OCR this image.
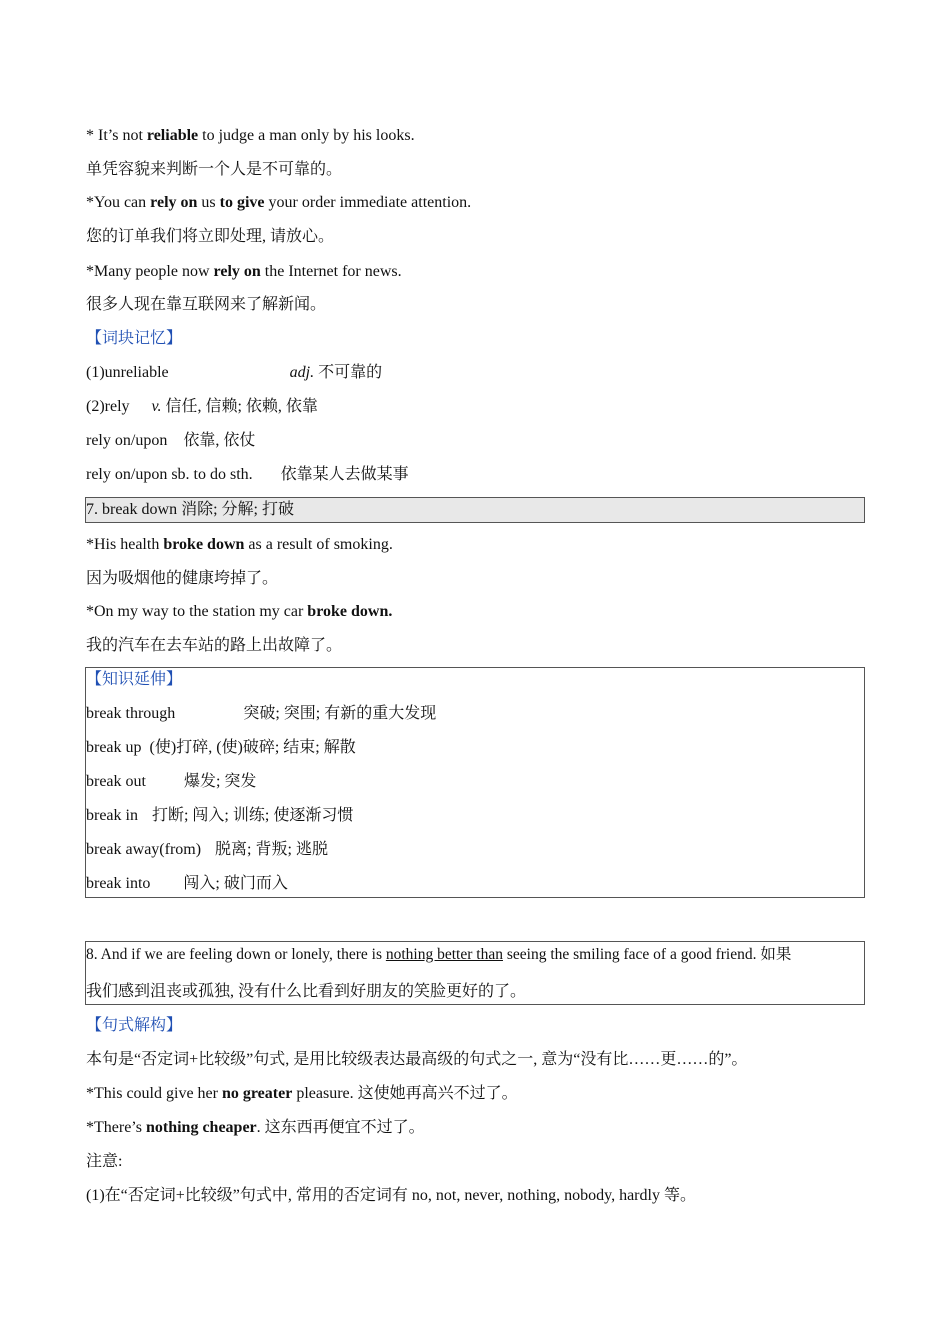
* It’s not reliable to judge a man only by his looks.
单凭容貌来判断一个人是不可靠的。
*You can rely on us to give your order immediate attention.
您的订单我们将立即处理, 请放心。
*Many people now rely on the Internet for news.
很多人现在靠互联网来了解新闻。
【词块记忆】
(1)unreliable	adj. 不可靠的
(2)rely v. 信任, 信赖; 依赖, 依靠
rely on/upon 依靠, 依仗
rely on/upon sb. to do sth. 依靠某人去做某事
7. break down 消除; 分解; 打破
*His health broke down as a result of smoking.
因为吸烟他的健康垮掉了。
*On my way to the station my car broke down.
我的汽车在去车站的路上出故障了。
【知识延伸】
break through	突破; 突围; 有新的重大发现
break up (使)打碎, (使)破碎; 结束; 解散
break out 爆发; 突发
break in 打断; 闯入; 训练; 使逐渐习惯
break away(from) 脱离; 背叛; 逃脱
break into 闯入; 破门而入
8. And if we are feeling down or lonely, there is nothing better than seeing the smiling face of a good friend. 如果
我们感到沮丧或孤独, 没有什么比看到好朋友的笑脸更好的了。
【句式解构】
本句是“否定词+比较级”句式, 是用比较级表达最高级的句式之一, 意为“没有比……更……的”。
*This could give her no greater pleasure. 这使她再高兴不过了。
*There’s nothing cheaper. 这东西再便宜不过了。
注意:
(1)在“否定词+比较级”句式中, 常用的否定词有 no, not, never, nothing, nobody, hardly 等。
